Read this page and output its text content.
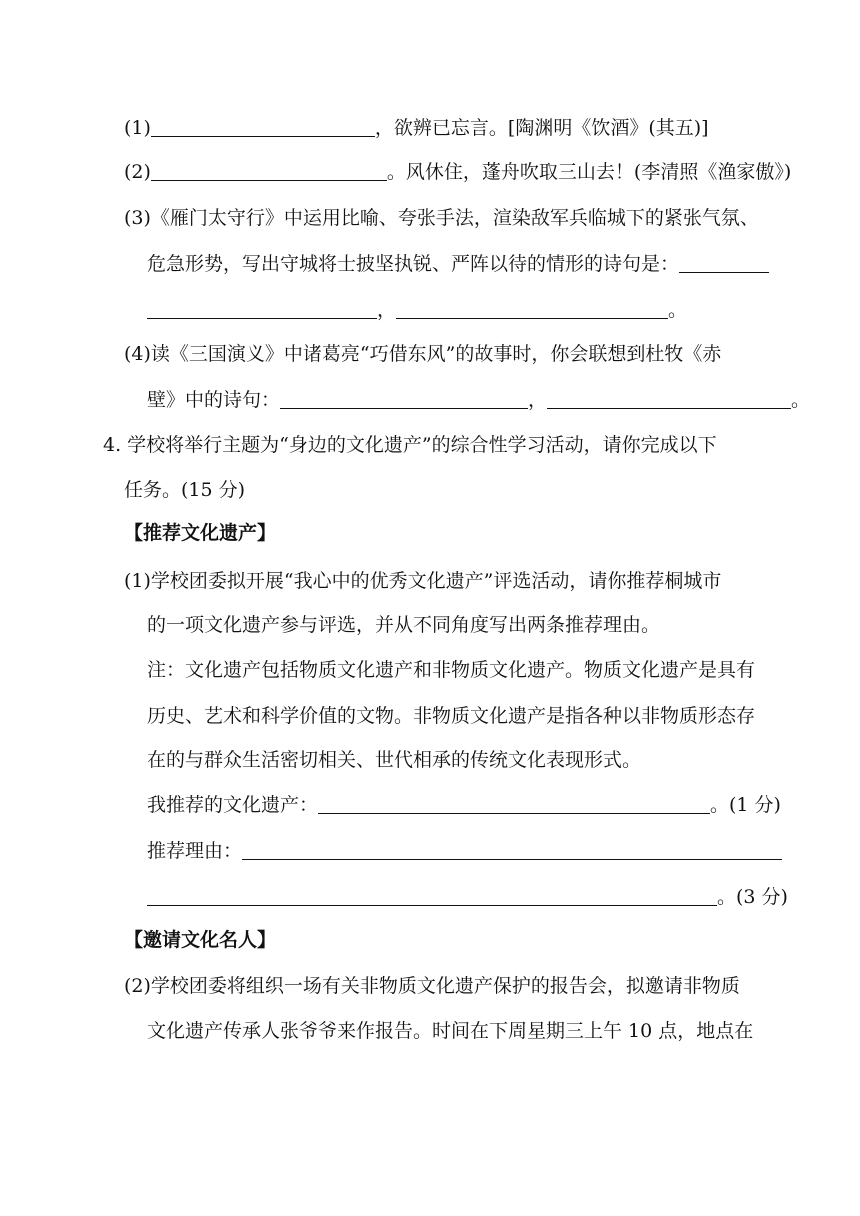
(1)	，欲辨已忘言。[陶渊明《饮酒》(其五)]
(2)	。风休住，蓬舟吹取三山去！(李清照《渔家傲》)
(3)《雁门太守行》中运用比喻、夸张手法，渲染敌军兵临城下的紧张气氛、
危急形势，写出守城将士披坚执锐、严阵以待的情形的诗句是：
，	。
(4)读《三国演义》中诸葛亮“巧借东风”的故事时，你会联想到杜牧《赤
壁》中的诗句：	，	。
4. 学校将举行主题为“身边的文化遗产”的综合性学习活动，请你完成以下
任务。(15 分)
【推荐文化遗产】
(1)学校团委拟开展“我心中的优秀文化遗产”评选活动，请你推荐桐城市
的一项文化遗产参与评选，并从不同角度写出两条推荐理由。
注：文化遗产包括物质文化遗产和非物质文化遗产。物质文化遗产是具有
历史、艺术和科学价值的文物。非物质文化遗产是指各种以非物质形态存
在的与群众生活密切相关、世代相承的传统文化表现形式。
我推荐的文化遗产：	。(1 分)
推荐理由：
。(3 分)
【邀请文化名人】
(2)学校团委将组织一场有关非物质文化遗产保护的报告会，拟邀请非物质
文化遗产传承人张爷爷来作报告。时间在下周星期三上午 10 点，地点在
